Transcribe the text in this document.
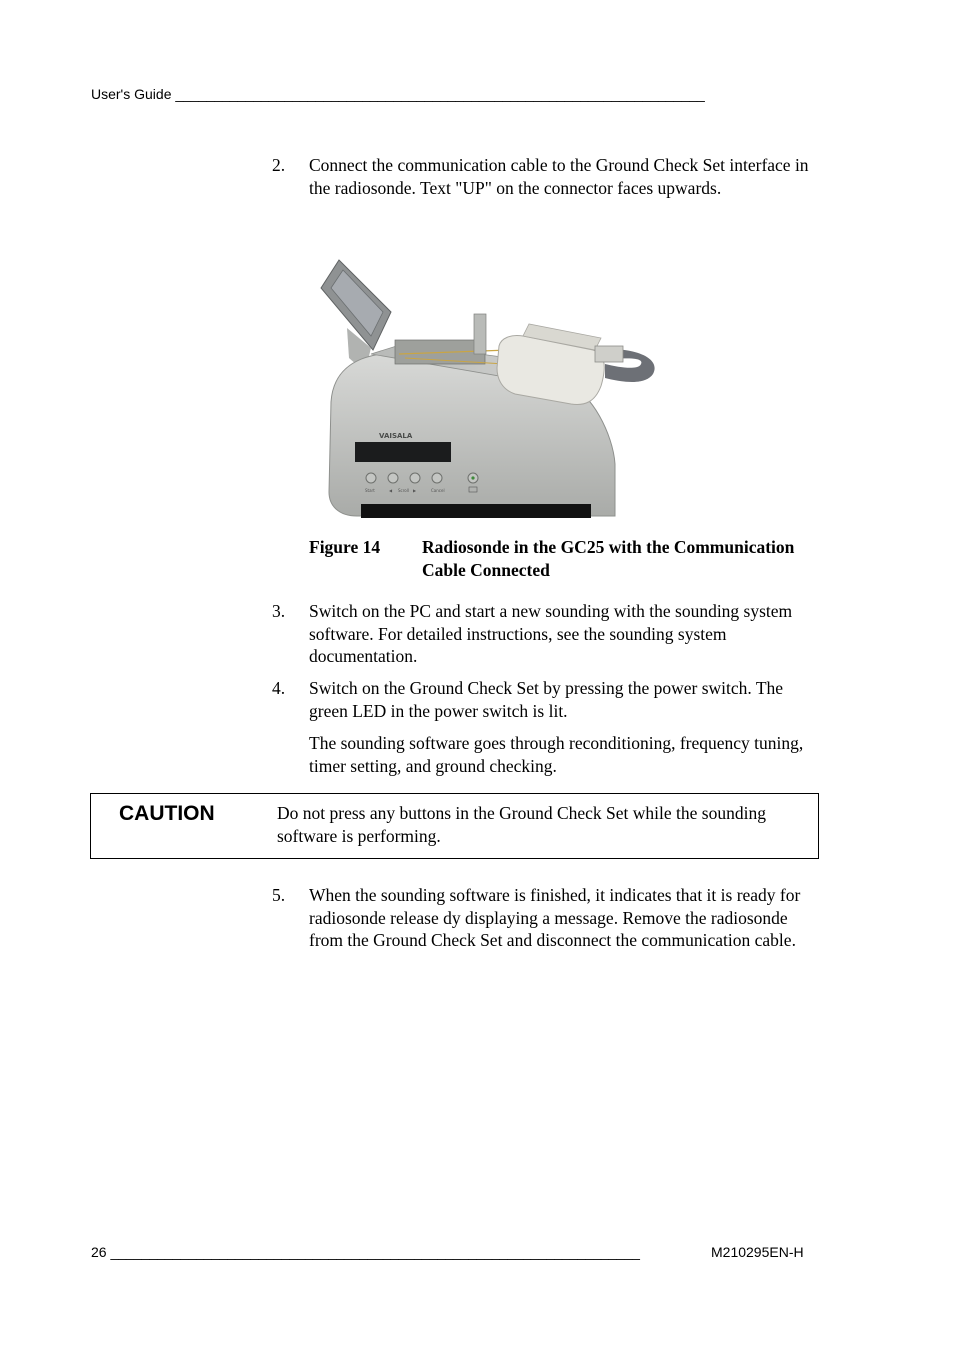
User's Guide ____________________________________________________________________
2.	Connect the communication cable to the Ground Check Set interface in the radiosonde. Text "UP" on the connector faces upwards.
VAISALA
Start	◀ Scroll ▶	Cancel
Figure 14 Radiosonde in the GC25 with the Communication Cable Connected
3.	Switch on the PC and start a new sounding with the sounding system software. For detailed instructions, see the sounding system documentation.
4.	Switch on the Ground Check Set by pressing the power switch. The green LED in the power switch is lit.
The sounding software goes through reconditioning, frequency tuning, timer setting, and ground checking.
CAUTION	Do not press any buttons in the Ground Check Set while the sounding software is performing.
5.	When the sounding software is finished, it indicates that it is ready for radiosonde release dy displaying a message. Remove the radiosonde from the Ground Check Set and disconnect the communication cable.
26 ____________________________________________________________________	M210295EN-H
